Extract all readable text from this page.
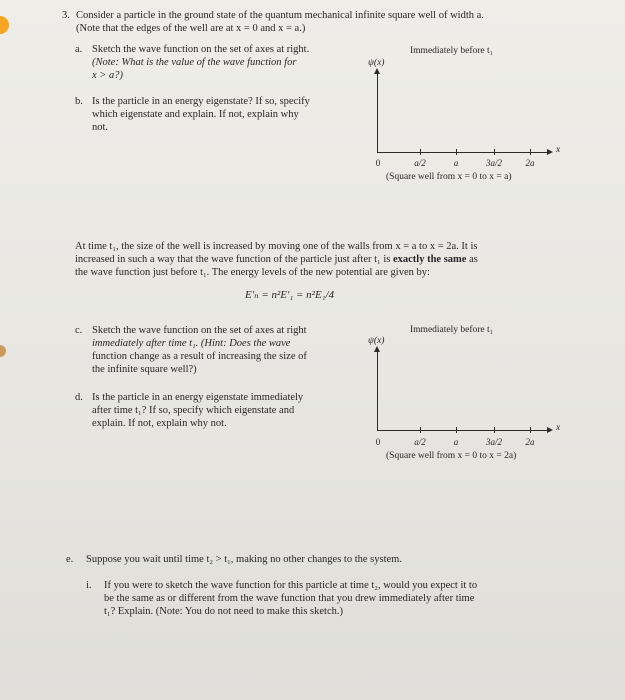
3. Consider a particle in the ground state of the quantum mechanical infinite square well of width a.
(Note that the edges of the well are at x = 0 and x = a.)
a. Sketch the wave function on the set of axes at right.
(Note: What is the value of the wave function for
x > a?)
b. Is the particle in an energy eigenstate? If so, specify
which eigenstate and explain. If not, explain why
not.
Immediately before t₁
ψ(x)
x
0	a/2	a	3a/2	2a
(Square well from x = 0 to x = a)
At time t₁, the size of the well is increased by moving one of the walls from x = a to x = 2a. It is
increased in such a way that the wave function of the particle just after t₁ is exactly the same as
the wave function just before t₁. The energy levels of the new potential are given by:
E′ₙ = n²E′₁ = n²E₁/4
c. Sketch the wave function on the set of axes at right
immediately after time t₁. (Hint: Does the wave
function change as a result of increasing the size of
the infinite square well?)
d. Is the particle in an energy eigenstate immediately
after time t₁? If so, specify which eigenstate and
explain. If not, explain why not.
Immediately before t₁
ψ(x)
x
0	a/2	a	3a/2	2a
(Square well from x = 0 to x = 2a)
e. Suppose you wait until time t₂ > t₁, making no other changes to the system.
i. If you were to sketch the wave function for this particle at time t₂, would you expect it to
be the same as or different from the wave function that you drew immediately after time
t₁? Explain. (Note: You do not need to make this sketch.)
